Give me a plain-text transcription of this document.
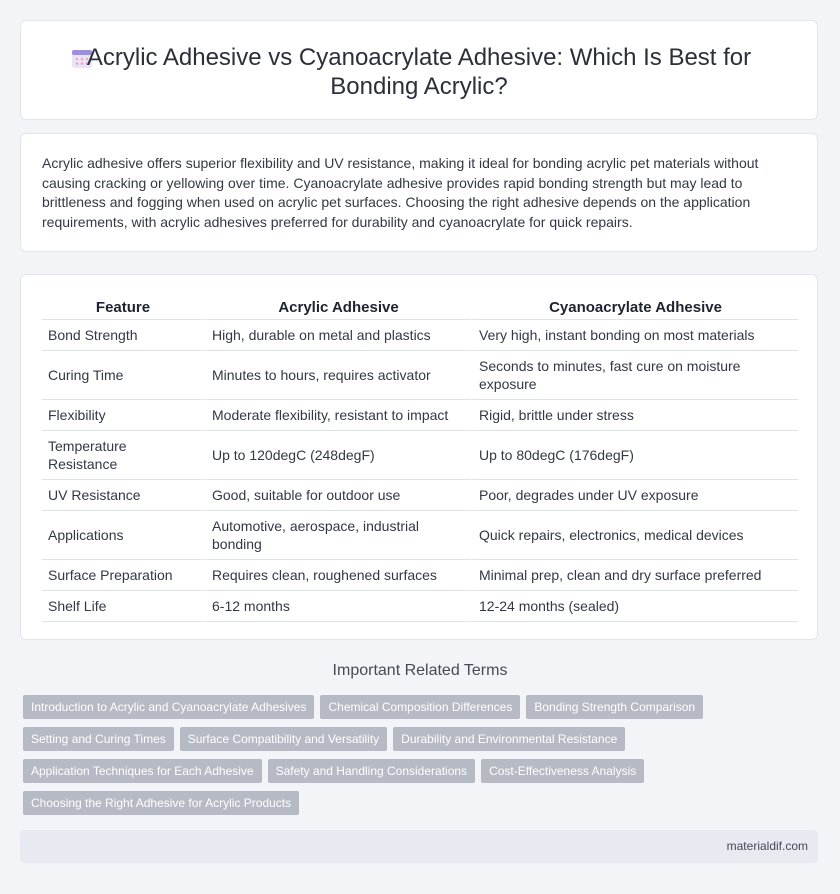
Acrylic Adhesive vs Cyanoacrylate Adhesive: Which Is Best for
Bonding Acrylic?
Acrylic adhesive offers superior flexibility and UV resistance, making it ideal for bonding acrylic pet materials without causing cracking or yellowing over time. Cyanoacrylate adhesive provides rapid bonding strength but may lead to brittleness and fogging when used on acrylic pet surfaces. Choosing the right adhesive depends on the application requirements, with acrylic adhesives preferred for durability and cyanoacrylate for quick repairs.
Feature	Acrylic Adhesive	Cyanoacrylate Adhesive
Bond Strength	High, durable on metal and plastics	Very high, instant bonding on most materials
Curing Time	Minutes to hours, requires activator	Seconds to minutes, fast cure on moisture exposure
Flexibility	Moderate flexibility, resistant to impact	Rigid, brittle under stress
Temperature Resistance	Up to 120degC (248degF)	Up to 80degC (176degF)
UV Resistance	Good, suitable for outdoor use	Poor, degrades under UV exposure
Applications	Automotive, aerospace, industrial bonding	Quick repairs, electronics, medical devices
Surface Preparation	Requires clean, roughened surfaces	Minimal prep, clean and dry surface preferred
Shelf Life	6-12 months	12-24 months (sealed)
Important Related Terms
Introduction to Acrylic and Cyanoacrylate Adhesives Chemical Composition Differences Bonding Strength Comparison
Setting and Curing Times Surface Compatibility and Versatility Durability and Environmental Resistance
Application Techniques for Each Adhesive Safety and Handling Considerations Cost-Effectiveness Analysis
Choosing the Right Adhesive for Acrylic Products
materialdif.com
